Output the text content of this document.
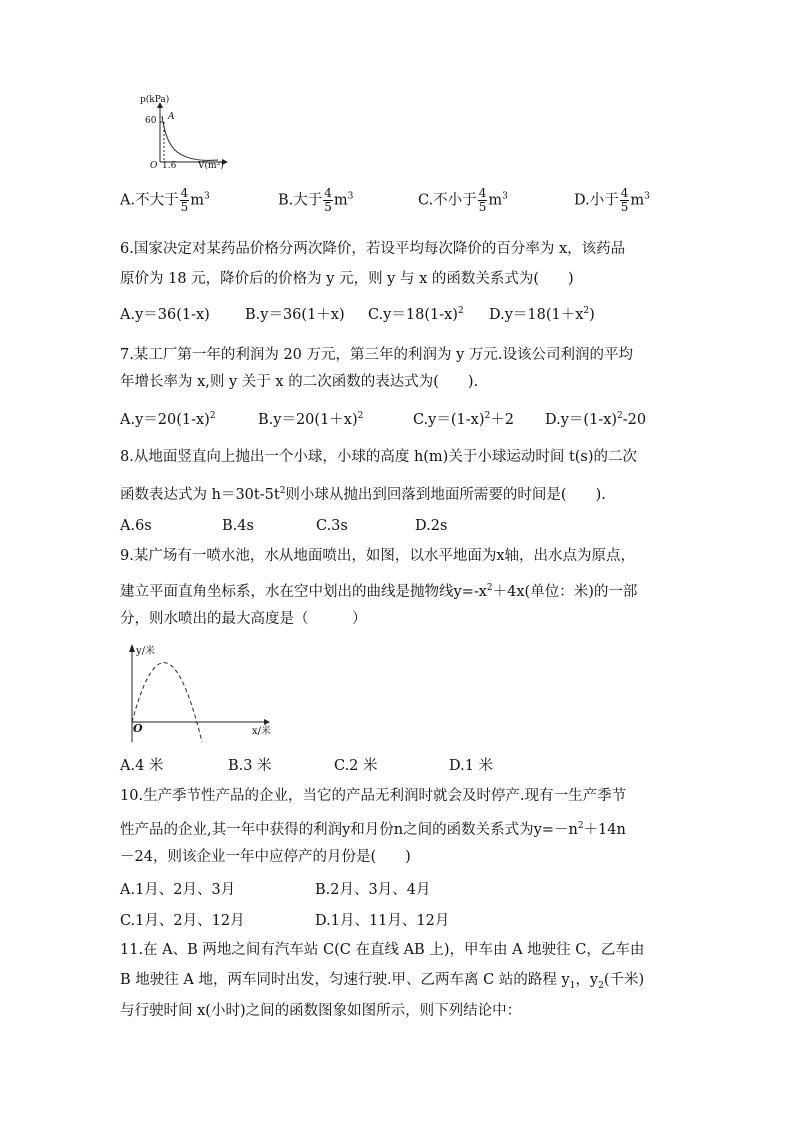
p(kPa)
A
60
O 1.6 V(m³)
A.不大于 $\frac{4}{5} m^3$	B.大于 $\frac{4}{5} m^3$	C.不小于 $\frac{4}{5} m^3$	D.小于 $\frac{4}{5} m^3$
6.国家决定对某药品价格分两次降价，若设平均每次降价的百分率为 x，该药品
原价为 18 元，降价后的价格为 y 元，则 y 与 x 的函数关系式为(　　)
A.y＝36(1-x) B.y＝36(1＋x) $C.y=18(1-x)^2$ $D.y=18(1+x^2)$
7.某工厂第一年的利润为 20 万元，第三年的利润为 y 万元.设该公司利润的平均
年增长率为 x,则 y 关于 x 的二次函数的表达式为(　　).
$A.y=20(1-x)^2$	$B.y=20(1+x)^2$	$C.y=(1-x)^2+2$ $D.y=(1-x)^2-20$
8.从地面竖直向上抛出一个小球，小球的高度 h(m)关于小球运动时间 t(s)的二次
函数表达式为 $h=30t-5t^2$则小球从抛出到回落到地面所需要的时间是(　　).
A.6s	B.4s	C.3s	D.2s
9.某广场有一喷水池，水从地面喷出，如图，以水平地面为x轴，出水点为原点，
建立平面直角坐标系，水在空中划出的曲线是抛物线$y=-x^2+4x$(单位：米)的一部
分，则水喷出的最大高度是（　　　）
y/米
x/米
O
A.4 米	B.3 米	C.2 米	D.1 米
10.生产季节性产品的企业，当它的产品无利润时就会及时停产.现有一生产季节
性产品的企业,其一年中获得的利润y和月份n之间的函数关系式为$y=-n^2+14n$
－24，则该企业一年中应停产的月份是(　　)
A.1月、2月、3月	B.2月、3月、4月
C.1月、2月、12月	D.1月、11月、12月
11.在 A、B 两地之间有汽车站 C(C 在直线 AB 上)，甲车由 A 地驶往 C，乙车由
B 地驶往 A 地，两车同时出发，匀速行驶.甲、乙两车离 C 站的路程 $y_1$，$y_2$(千米)
与行驶时间 x(小时)之间的函数图象如图所示，则下列结论中：
